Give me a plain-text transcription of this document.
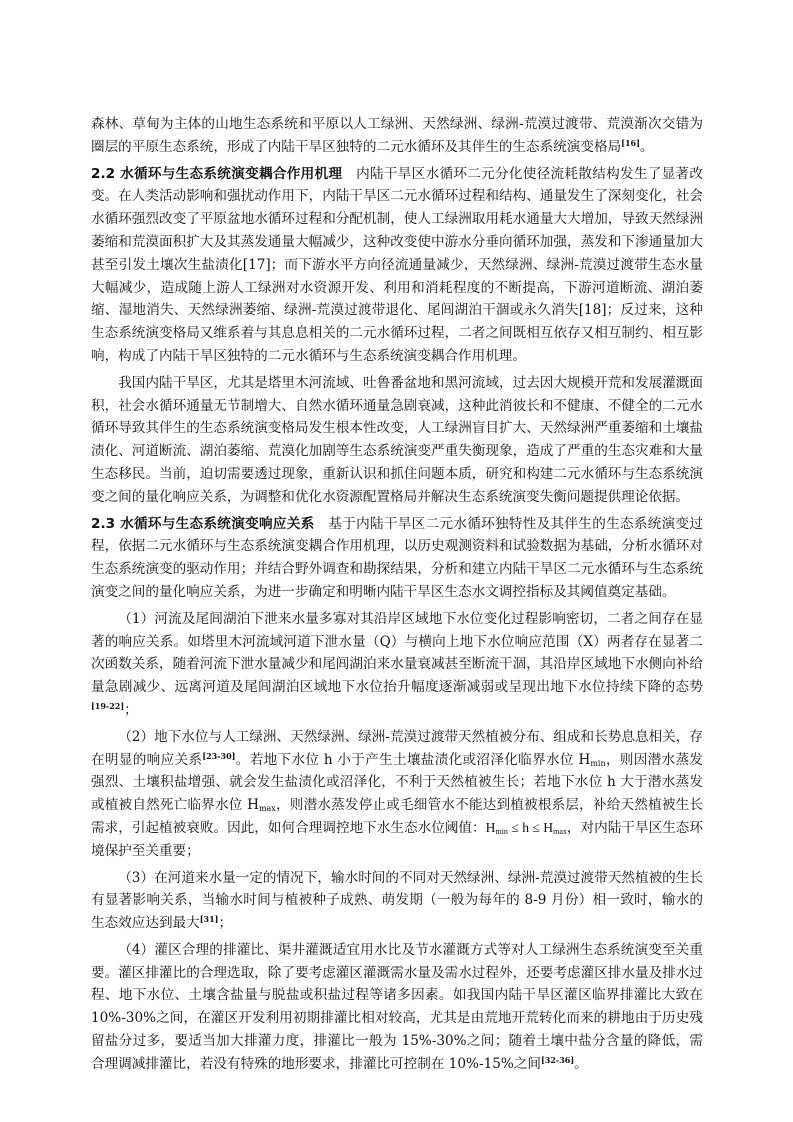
森林、草甸为主体的山地生态系统和平原以人工绿洲、天然绿洲、绿洲-荒漠过渡带、荒漠渐次交错为圈层的平原生态系统，形成了内陆干旱区独特的二元水循环及其伴生的生态系统演变格局[16]。

2.2 水循环与生态系统演变耦合作用机理 内陆干旱区水循环二元分化使径流耗散结构发生了显著改变。在人类活动影响和强扰动作用下，内陆干旱区二元水循环过程和结构、通量发生了深刻变化，社会水循环强烈改变了平原盆地水循环过程和分配机制，使人工绿洲取用耗水通量大大增加，导致天然绿洲萎缩和荒漠面积扩大及其蒸发通量大幅减少，这种改变使中游水分垂向循环加强，蒸发和下渗通量加大甚至引发土壤次生盐渍化[17]；而下游水平方向径流通量减少，天然绿洲、绿洲-荒漠过渡带生态水量大幅减少，造成随上游人工绿洲对水资源开发、利用和消耗程度的不断提高，下游河道断流、湖泊萎缩、湿地消失、天然绿洲萎缩、绿洲-荒漠过渡带退化、尾闾湖泊干涸或永久消失[18]；反过来，这种生态系统演变格局又维系着与其息息相关的二元水循环过程，二者之间既相互依存又相互制约、相互影响，构成了内陆干旱区独特的二元水循环与生态系统演变耦合作用机理。

我国内陆干旱区，尤其是塔里木河流域、吐鲁番盆地和黑河流域，过去因大规模开荒和发展灌溉面积，社会水循环通量无节制增大、自然水循环通量急剧衰减，这种此消彼长和不健康、不健全的二元水循环导致其伴生的生态系统演变格局发生根本性改变，人工绿洲盲目扩大、天然绿洲严重萎缩和土壤盐渍化、河道断流、湖泊萎缩、荒漠化加剧等生态系统演变严重失衡现象，造成了严重的生态灾难和大量生态移民。当前，迫切需要透过现象，重新认识和抓住问题本质，研究和构建二元水循环与生态系统演变之间的量化响应关系，为调整和优化水资源配置格局并解决生态系统演变失衡问题提供理论依据。

2.3 水循环与生态系统演变响应关系 基于内陆干旱区二元水循环独特性及其伴生的生态系统演变过程，依据二元水循环与生态系统演变耦合作用机理，以历史观测资料和试验数据为基础，分析水循环对生态系统演变的驱动作用；并结合野外调查和勘探结果，分析和建立内陆干旱区二元水循环与生态系统演变之间的量化响应关系，为进一步确定和明晰内陆干旱区生态水文调控指标及其阈值奠定基础。

（1）河流及尾闾湖泊下泄来水量多寡对其沿岸区域地下水位变化过程影响密切，二者之间存在显著的响应关系。如塔里木河流域河道下泄水量（Q）与横向上地下水位响应范围（X）两者存在显著二次函数关系，随着河流下泄水量减少和尾闾湖泊来水量衰减甚至断流干涸，其沿岸区域地下水侧向补给量急剧减少、远离河道及尾闾湖泊区域地下水位抬升幅度逐渐减弱或呈现出地下水位持续下降的态势[19-22]；

（2）地下水位与人工绿洲、天然绿洲、绿洲-荒漠过渡带天然植被分布、组成和长势息息相关，存在明显的响应关系[23-30]。若地下水位 h 小于产生土壤盐渍化或沼泽化临界水位 $H_{min}$，则因潜水蒸发强烈、土壤积盐增强、就会发生盐渍化或沼泽化，不利于天然植被生长；若地下水位 h 大于潜水蒸发或植被自然死亡临界水位 $H_{max}$，则潜水蒸发停止或毛细管水不能达到植被根系层，补给天然植被生长需求，引起植被衰败。因此，如何合理调控地下水生态水位阈值：$H_{min} \le h \le H_{max}$，对内陆干旱区生态环境保护至关重要；

（3）在河道来水量一定的情况下，输水时间的不同对天然绿洲、绿洲-荒漠过渡带天然植被的生长有显著影响关系，当输水时间与植被种子成熟、萌发期（一般为每年的 8-9 月份）相一致时，输水的生态效应达到最大[31]；

（4）灌区合理的排灌比、渠井灌溉适宜用水比及节水灌溉方式等对人工绿洲生态系统演变至关重要。灌区排灌比的合理选取，除了要考虑灌区灌溉需水量及需水过程外，还要考虑灌区排水量及排水过程、地下水位、土壤含盐量与脱盐或积盐过程等诸多因素。如我国内陆干旱区灌区临界排灌比大致在 10%-30%之间，在灌区开发利用初期排灌比相对较高，尤其是由荒地开荒转化而来的耕地由于历史残留盐分过多，要适当加大排灌力度，排灌比一般为 15%-30%之间；随着土壤中盐分含量的降低，需合理调减排灌比，若没有特殊的地形要求，排灌比可控制在 10%-15%之间[32-36]。
